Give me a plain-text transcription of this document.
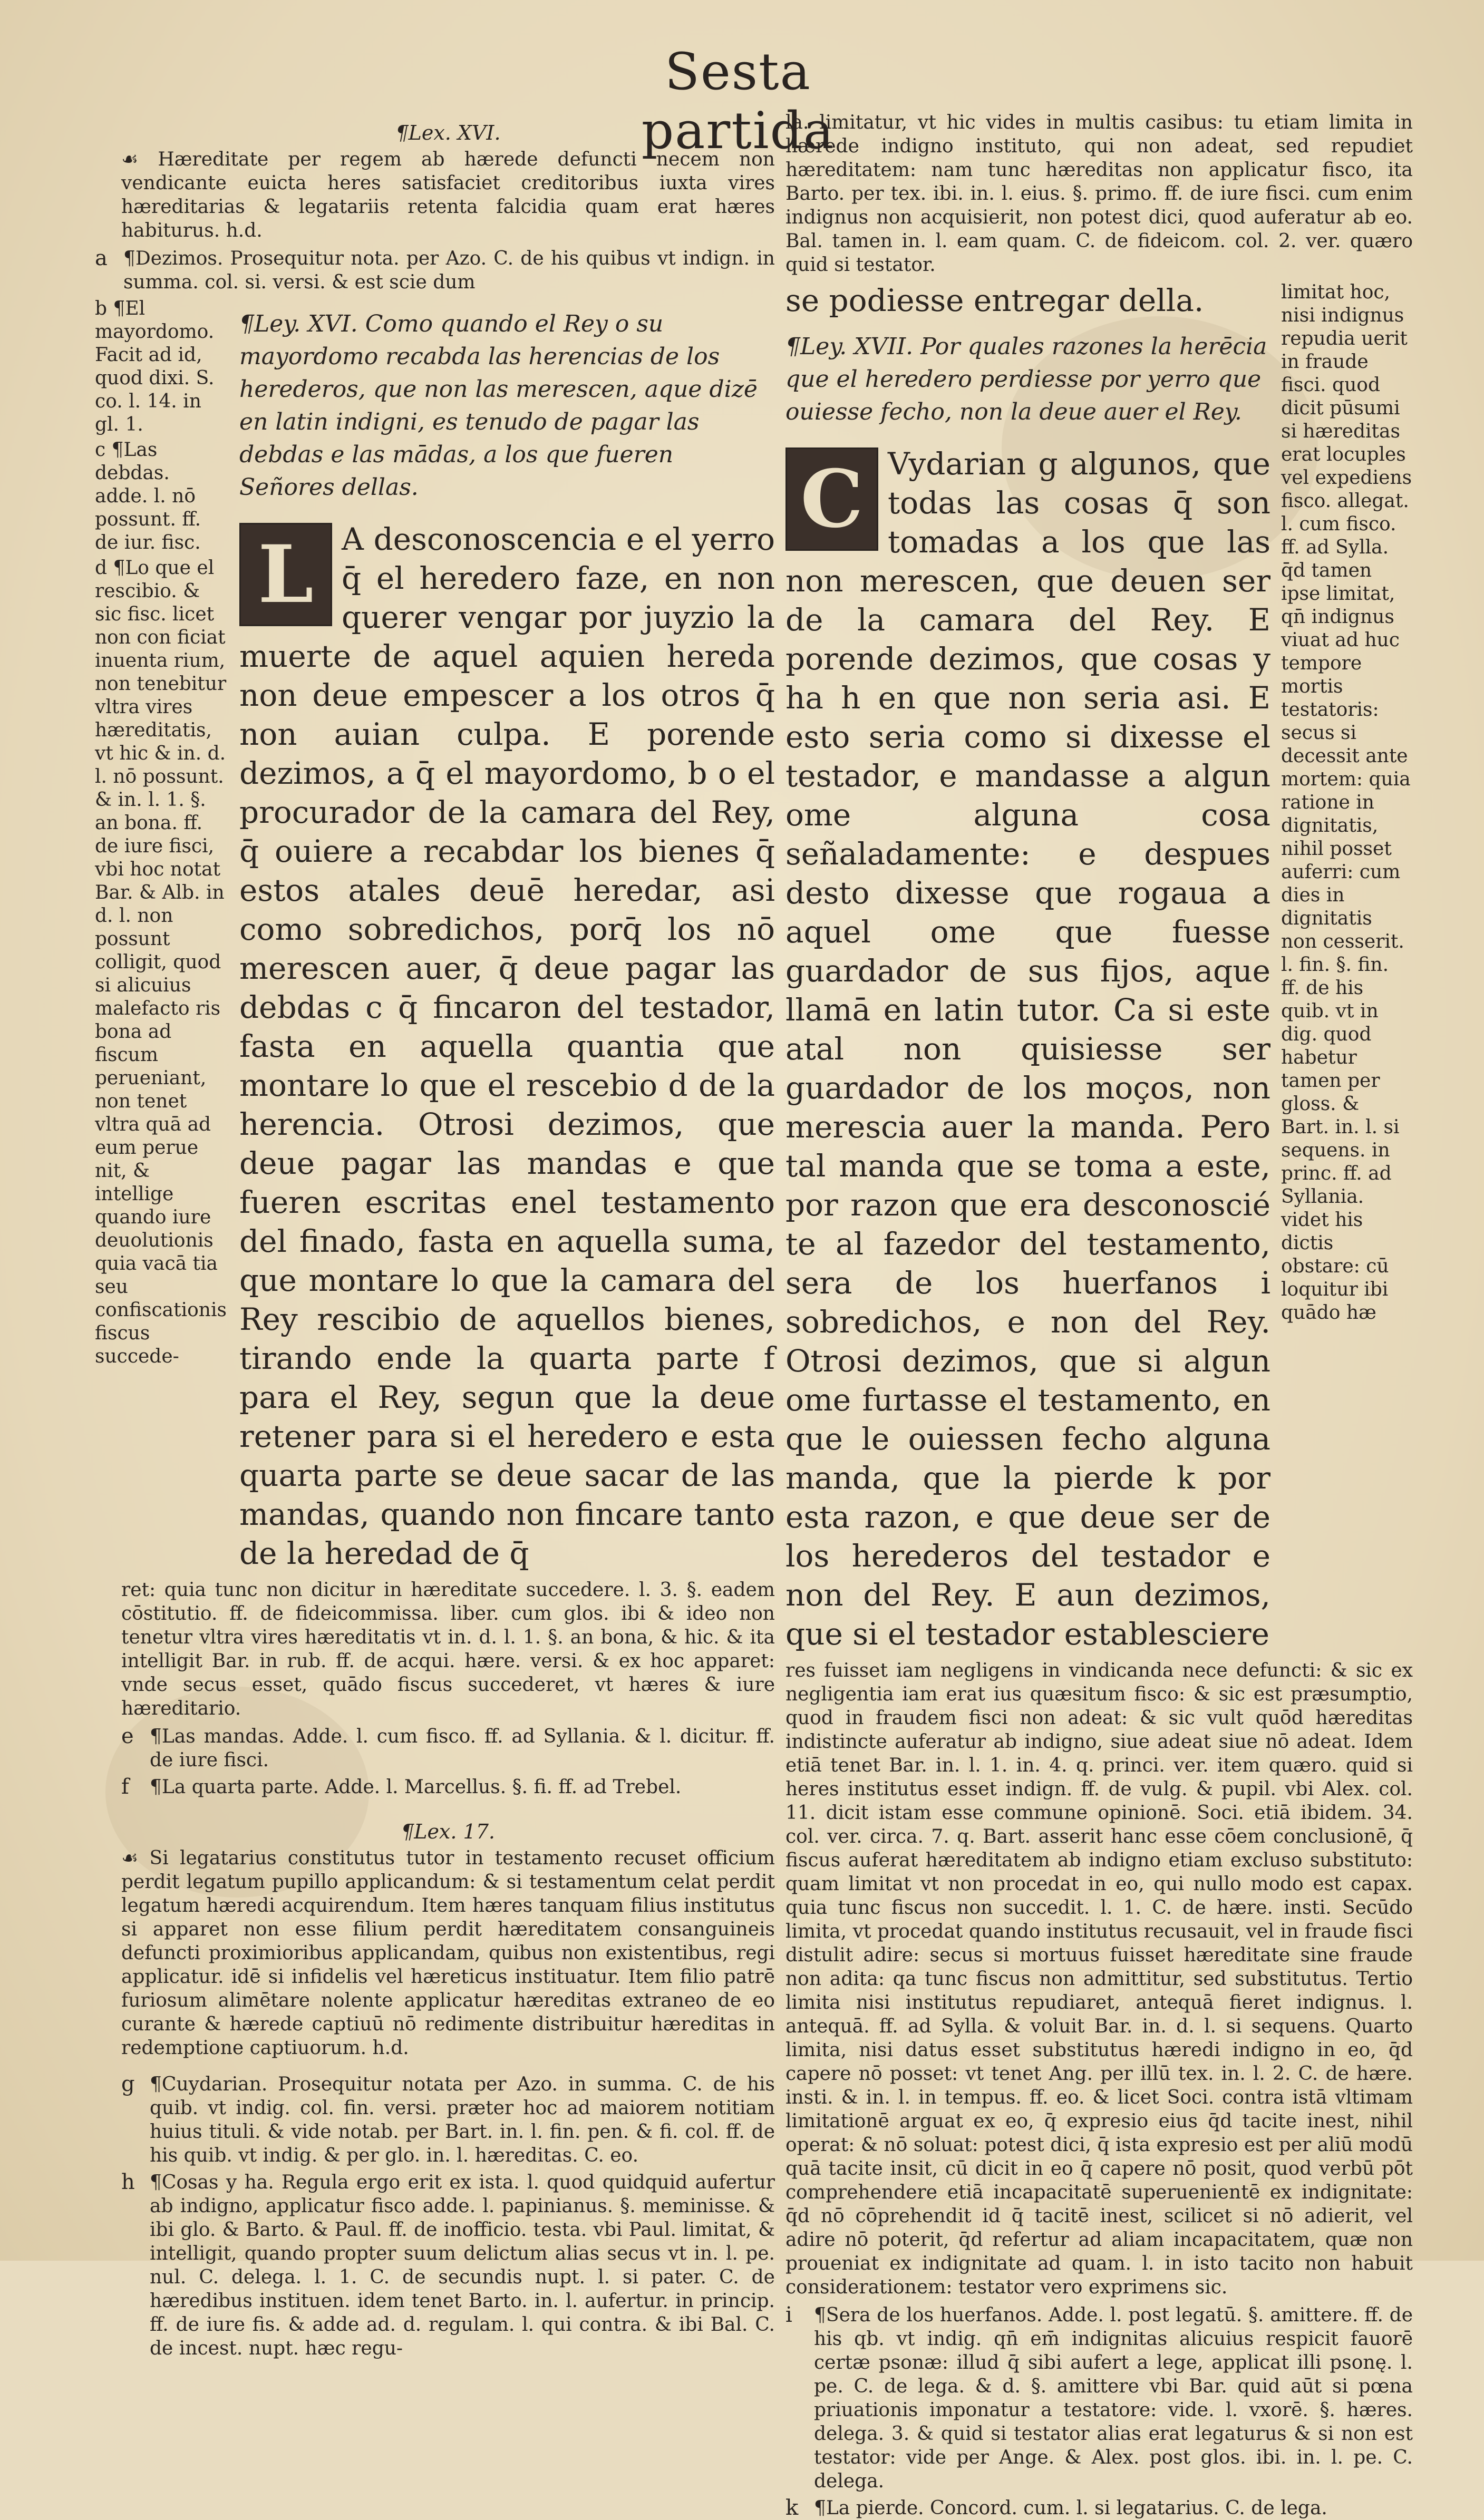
Sesta partida
¶Lex. XVI.

☙ Hæreditate per regem ab hærede defuncti necem non vendicante euicta heres satisfaciet creditoribus iuxta vires hæreditarias & legatariis retenta falcidia quam erat hæres habiturus. h.d.

a ¶Dezimos. Prosequitur nota. per Azo. C. de his quibus vt indign. in summa. col. si. versi. & est scie dum

b ¶El mayordomo. Facit ad id, quod dixi. S. co. l. 14. in gl. 1.

c ¶Las debdas. adde. l. nō possunt. ff. de iur. fisc.

d ¶Lo que el rescibio. & sic fisc. licet non con ficiat inuenta rium, non tenebitur vltra vires hæreditatis, vt hic & in. d. l. nō possunt. & in. l. 1. §. an bona. ff. de iure fisci, vbi hoc notat Bar. & Alb. in d. l. non possunt colligit, quod si alicuius malefacto ris bona ad fiscum perueniant, non tenet vltra quā ad eum perue nit, & intellige quando iure deuolutionis quia vacā tia seu confiscationis fiscus succede-

¶Ley. XVI. Como quando el Rey o su mayordomo recabda las herencias de los herederos, que non las merescen, aque dizē en latin indigni, es tenudo de pagar las debdas e las mādas, a los que fueren Señores dellas.

L A desconoscencia e el yerro q̄ el heredero faze, en non querer vengar por juyzio la muerte de aquel aquien hereda non deue empescer a los otros q̄ non auian culpa. E porende dezimos, a q̄ el mayordomo, b o el procurador de la camara del Rey, q̄ ouiere a recabdar los bienes q̄ estos atales deuē heredar, asi como sobredichos, porq̄ los nō merescen auer, q̄ deue pagar las debdas c q̄ fincaron del testador, fasta en aquella quantia que montare lo que el rescebio d de la herencia. Otrosi dezimos, que deue pagar las mandas e que fueren escritas enel testamento del finado, fasta en aquella suma, que montare lo que la camara del Rey rescibio de aquellos bienes, tirando ende la quarta parte f para el Rey, segun que la deue retener para si el heredero e esta quarta parte se deue sacar de las mandas, quando non fincare tanto de la heredad de q̄

ret: quia tunc non dicitur in hæreditate succedere. l. 3. §. eadem cōstitutio. ff. de fideicommissa. liber. cum glos. ibi & ideo non tenetur vltra vires hæreditatis vt in. d. l. 1. §. an bona, & hic. & ita intelligit Bar. in rub. ff. de acqui. hære. versi. & ex hoc apparet: vnde secus esset, quādo fiscus succederet, vt hæres & iure hæreditario.

e ¶Las mandas. Adde. l. cum fisco. ff. ad Syllania. & l. dicitur. ff. de iure fisci.
f	¶La quarta parte. Adde. l. Marcellus. §. fi. ff. ad Trebel.
¶Lex. 17.

☙ Si legatarius constitutus tutor in testamento recuset officium perdit legatum pupillo applicandum: & si testamentum celat perdit legatum hæredi acquirendum. Item hæres tanquam filius institutus si apparet non esse filium perdit hæreditatem consanguineis defuncti proximioribus applicandam, quibus non existentibus, regi applicatur. idē si infidelis vel hæreticus instituatur. Item filio patrē furiosum alimētare nolente applicatur hæreditas extraneo de eo curante & hærede captiuū nō redimente distribuitur hæreditas in redemptione captiuorum. h.d.

g ¶Cuydarian. Prosequitur notata per Azo. in summa. C. de his quib. vt indig. col. fin. versi. præter hoc ad maiorem notitiam huius tituli. & vide notab. per Bart. in. l. fin. pen. & fi. col. ff. de his quib. vt indig. & per glo. in. l. hæreditas. C. eo.
h ¶Cosas y ha. Regula ergo erit ex ista. l. quod quidquid aufertur ab indigno, applicatur fisco adde. l. papinianus. §. meminisse. & ibi glo. & Barto. & Paul. ff. de inofficio. testa. vbi Paul. limitat, & intelligit, quando propter suum delictum alias secus vt in. l. pe. nul. C. delega. l. 1. C. de secundis nupt. l. si pater. C. de hæredibus instituen. idem tenet Barto. in. l. aufertur. in princip. ff. de iure fis. & adde ad. d. regulam. l. qui contra. & ibi Bal. C. de incest. nupt. hæc regu-

la. limitatur, vt hic vides in multis casibus: tu etiam limita in hærede indigno instituto, qui non adeat, sed repudiet hæreditatem: nam tunc hæreditas non applicatur fisco, ita Barto. per tex. ibi. in. l. eius. §. primo. ff. de iure fisci. cum enim indignus non acquisierit, non potest dici, quod auferatur ab eo. Bal. tamen in. l. eam quam. C. de fideicom. col. 2. ver. quæro quid si testator.

se podiesse entregar della.

¶Ley. XVII. Por quales razones la herēcia que el heredero perdiesse por yerro que ouiesse fecho, non la deue auer el Rey.

C Vydarian g algunos, que todas las cosas q̄ son tomadas a los que las non merescen, que deuen ser de la camara del Rey. E porende dezimos, que cosas y ha h en que non seria asi. E esto seria como si dixesse el testador, e mandasse a algun ome alguna cosa señaladamente: e despues desto dixesse que rogaua a aquel ome que fuesse guardador de sus fijos, aque llamā en latin tutor. Ca si este atal non quisiesse ser guardador de los moços, non merescia auer la manda. Pero tal manda que se toma a este, por razon que era desconoscié te al fazedor del testamento, sera de los huerfanos i sobredichos, e non del Rey. Otrosi dezimos, que si algun ome furtasse el testamento, en que le ouiessen fecho alguna manda, que la pierde k por esta razon, e que deue ser de los herederos del testador e non del Rey. E aun dezimos, que si el testador establesciere

limitat hoc, nisi indignus repudia uerit in fraude fisci. quod dicit pūsumi si hæreditas erat locuples vel expediens fisco. allegat. l. cum fisco. ff. ad Sylla. q̄d tamen ipse limitat, qn̄ indignus viuat ad huc tempore mortis testatoris: secus si decessit ante mortem: quia ratione in dignitatis, nihil posset auferri: cum dies in dignitatis non cesserit. l. fin. §. fin. ff. de his quib. vt in dig. quod habetur tamen per gloss. & Bart. in. l. si sequens. in princ. ff. ad Syllania. videt his dictis obstare: cū loquitur ibi quādo hæ

res fuisset iam negligens in vindicanda nece defuncti: & sic ex negligentia iam erat ius quæsitum fisco: & sic est præsumptio, quod in fraudem fisci non adeat: & sic vult quōd hæreditas indistincte auferatur ab indigno, siue adeat siue nō adeat. Idem etiā tenet Bar. in. l. 1. in. 4. q. princi. ver. item quæro. quid si heres institutus esset indign. ff. de vulg. & pupil. vbi Alex. col. 11. dicit istam esse commune opinionē. Soci. etiā ibidem. 34. col. ver. circa. 7. q. Bart. asserit hanc esse cōem conclusionē, q̄ fiscus auferat hæreditatem ab indigno etiam excluso substituto: quam limitat vt non procedat in eo, qui nullo modo est capax. quia tunc fiscus non succedit. l. 1. C. de hære. insti. Secūdo limita, vt procedat quando institutus recusauit, vel in fraude fisci distulit adire: secus si mortuus fuisset hæreditate sine fraude non adita: qa tunc fiscus non admittitur, sed substitutus. Tertio limita nisi institutus repudiaret, antequā fieret indignus. l. antequā. ff. ad Sylla. & voluit Bar. in. d. l. si sequens. Quarto limita, nisi datus esset substitutus hæredi indigno in eo, q̄d capere nō posset: vt tenet Ang. per illū tex. in. l. 2. C. de hære. insti. & in. l. in tempus. ff. eo. & licet Soci. contra istā vltimam limitationē arguat ex eo, q̄ expresio eius q̄d tacite inest, nihil operat: & nō soluat: potest dici, q̄ ista expresio est per aliū modū quā tacite insit, cū dicit in eo q̄ capere nō posit, quod verbū pōt comprehendere etiā incapacitatē superuenientē ex indignitate: q̄d nō cōprehendit id q̄ tacitē inest, scilicet si nō adierit, vel adire nō poterit, q̄d refertur ad aliam incapacitatem, quæ non proueniat ex indignitate ad quam. l. in isto tacito non habuit considerationem: testator vero exprimens sic.

i	¶Sera de los huerfanos. Adde. l. post legatū. §. amittere. ff. de his qb. vt indig. qn̄ em̄ indignitas alicuius respicit fauorē certæ psonæ: illud q̄ sibi aufert a lege, applicat illi psonę. l. pe. C. de lega. & d. §. amittere vbi Bar. quid aūt si pœna priuationis imponatur a testatore: vide. l. vxorē. §. hæres. delega. 3. & quid si testator alias erat legaturus & si non est testator: vide per Ange. & Alex. post glos. ibi. in. l. pe. C. delega.
k ¶La pierde. Concord. cum. l. si legatarius. C. de lega.
